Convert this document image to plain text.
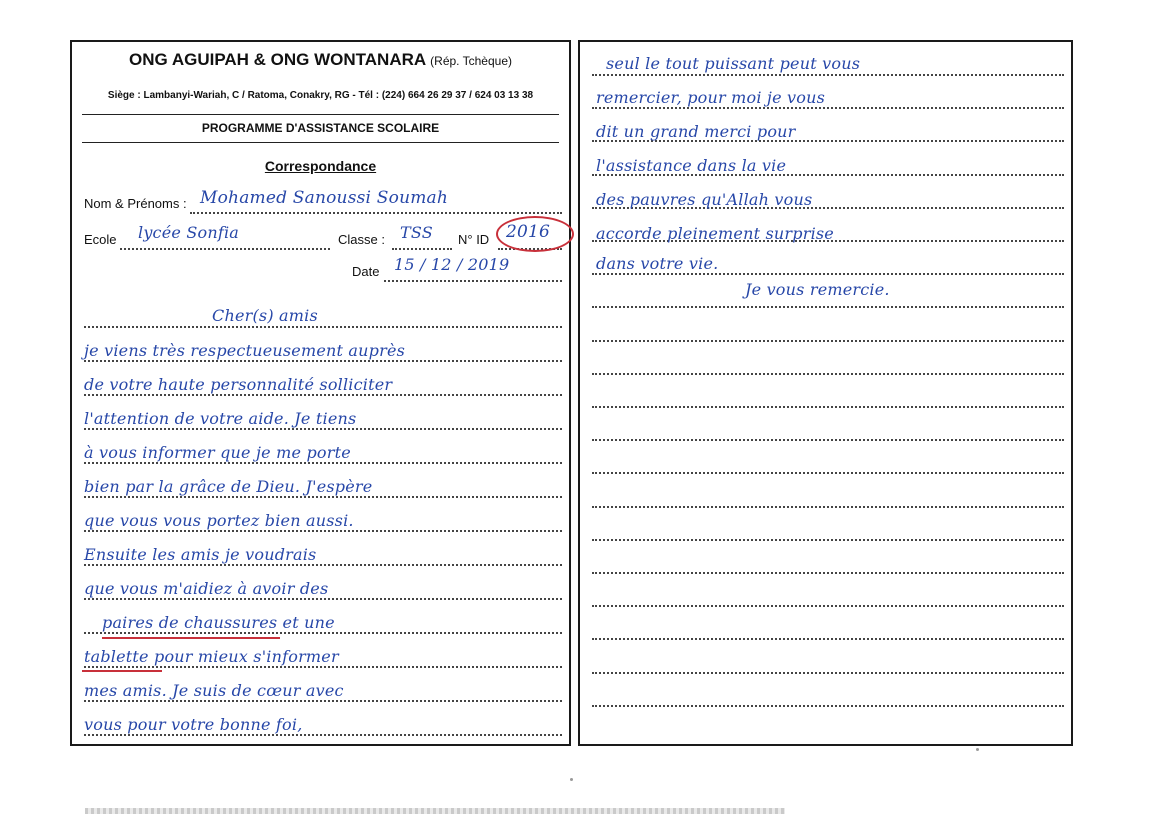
ONG AGUIPAH & ONG WONTANARA (Rép. Tchèque)
Siège : Lambanyi-Wariah, C / Ratoma, Conakry, RG - Tél : (224) 664 26 29 37 / 624 03 13 38
PROGRAMME D'ASSISTANCE SCOLAIRE
Correspondance
Nom & Prénoms : Mohamed Sanoussi Soumah
Ecole lycée Sonfia	Classe : TSS N° ID 2016
Date 15 / 12 / 2019
Cher(s) amis
je viens très respectueusement auprès
de votre haute personnalité solliciter
l'attention de votre aide. Je tiens
à vous informer que je me porte
bien par la grâce de Dieu. J'espère
que vous vous portez bien aussi.
Ensuite les amis je voudrais
que vous m'aidiez à avoir des
paires de chaussures et une
tablette pour mieux s'informer
mes amis. Je suis de cœur avec
vous pour votre bonne foi,
seul le tout puissant peut vous
remercier, pour moi je vous
dit un grand merci pour
l'assistance dans la vie
des pauvres qu'Allah vous
accorde pleinement surprise
dans votre vie.
Je vous remercie.
